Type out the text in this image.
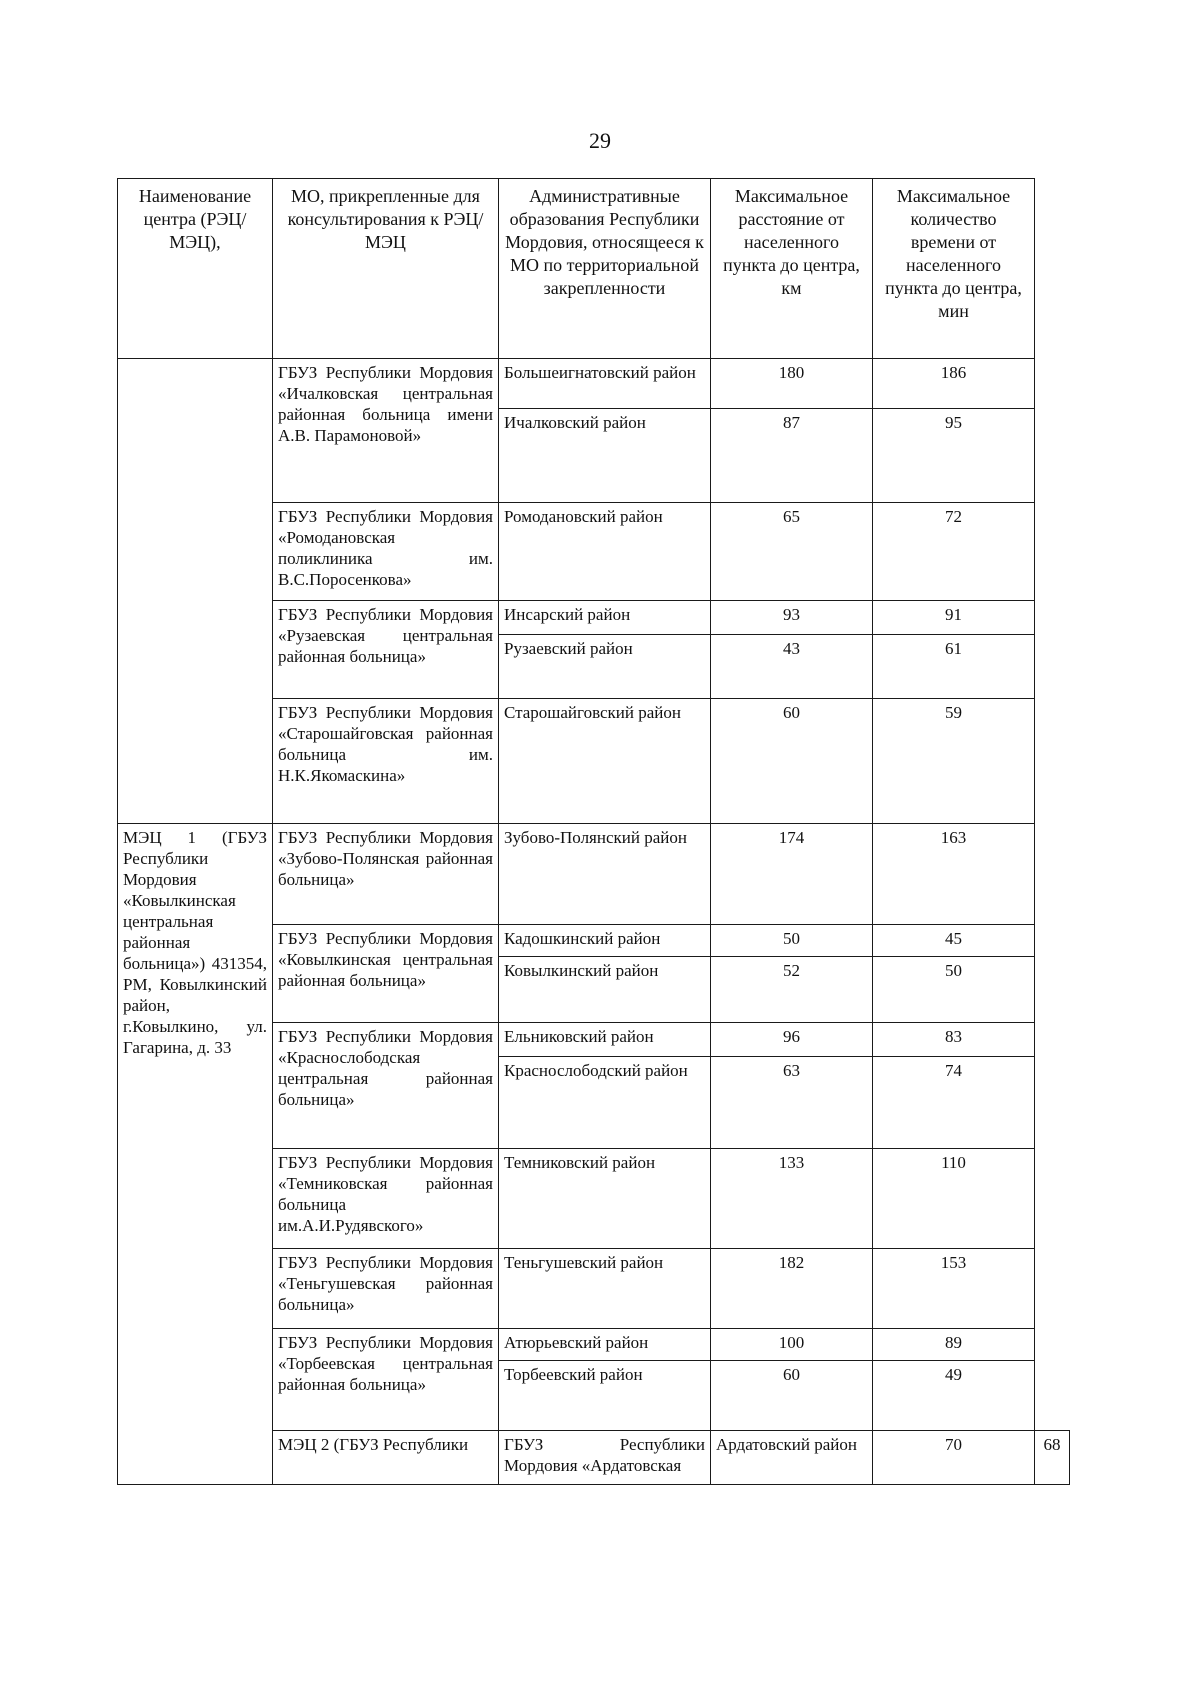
29
Наименование центра (РЭЦ/МЭЦ),	МО, прикрепленные для консультирования к РЭЦ/МЭЦ	Административные образования Республики Мордовия, относящееся к МО по территориальной закрепленности	Максимальное расстояние от населенного пункта до центра, км	Максимальное количество времени от населенного пункта до центра, мин	
	ГБУЗ Республики Мордовия «Ичалковская центральная районная больница имени А.В. Парамоновой»	Большеигнатовский район	180	186	
		Ичалковский район	87	95	
	ГБУЗ Республики Мордовия «Ромодановская поликлиника им. В.С.Поросенкова»	Ромодановский район	65	72	
	ГБУЗ Республики Мордовия «Рузаевская центральная районная больница»	Инсарский район	93	91	
		Рузаевский район	43	61	
	ГБУЗ Республики Мордовия «Старошайговская районная больница им. Н.К.Якомаскина»	Старошайговский район	60	59	
МЭЦ 1 (ГБУЗ Республики Мордовия «Ковылкинская центральная районная больница») 431354, РМ, Ковылкинский район, г.Ковылкино, ул. Гагарина, д. 33	ГБУЗ Республики Мордовия «Зубово-Полянская районная больница»	Зубово-Полянский район	174	163	
	ГБУЗ Республики Мордовия «Ковылкинская центральная районная больница»	Кадошкинский район	50	45	
		Ковылкинский район	52	50	
	ГБУЗ Республики Мордовия «Краснослободская центральная районная больница»	Ельниковский район	96	83	
		Краснослободский район	63	74	
	ГБУЗ Республики Мордовия «Темниковская районная больница им.А.И.Рудявского»	Темниковский район	133	110	
	ГБУЗ Республики Мордовия «Теньгушевская районная больница»	Теньгушевский район	182	153	
	ГБУЗ Республики Мордовия «Торбеевская центральная районная больница»	Атюрьевский район	100	89	
		Торбеевский район	60	49	
	МЭЦ 2 (ГБУЗ Республики	ГБУЗ Республики Мордовия «Ардатовская	Ардатовский район	70	68
